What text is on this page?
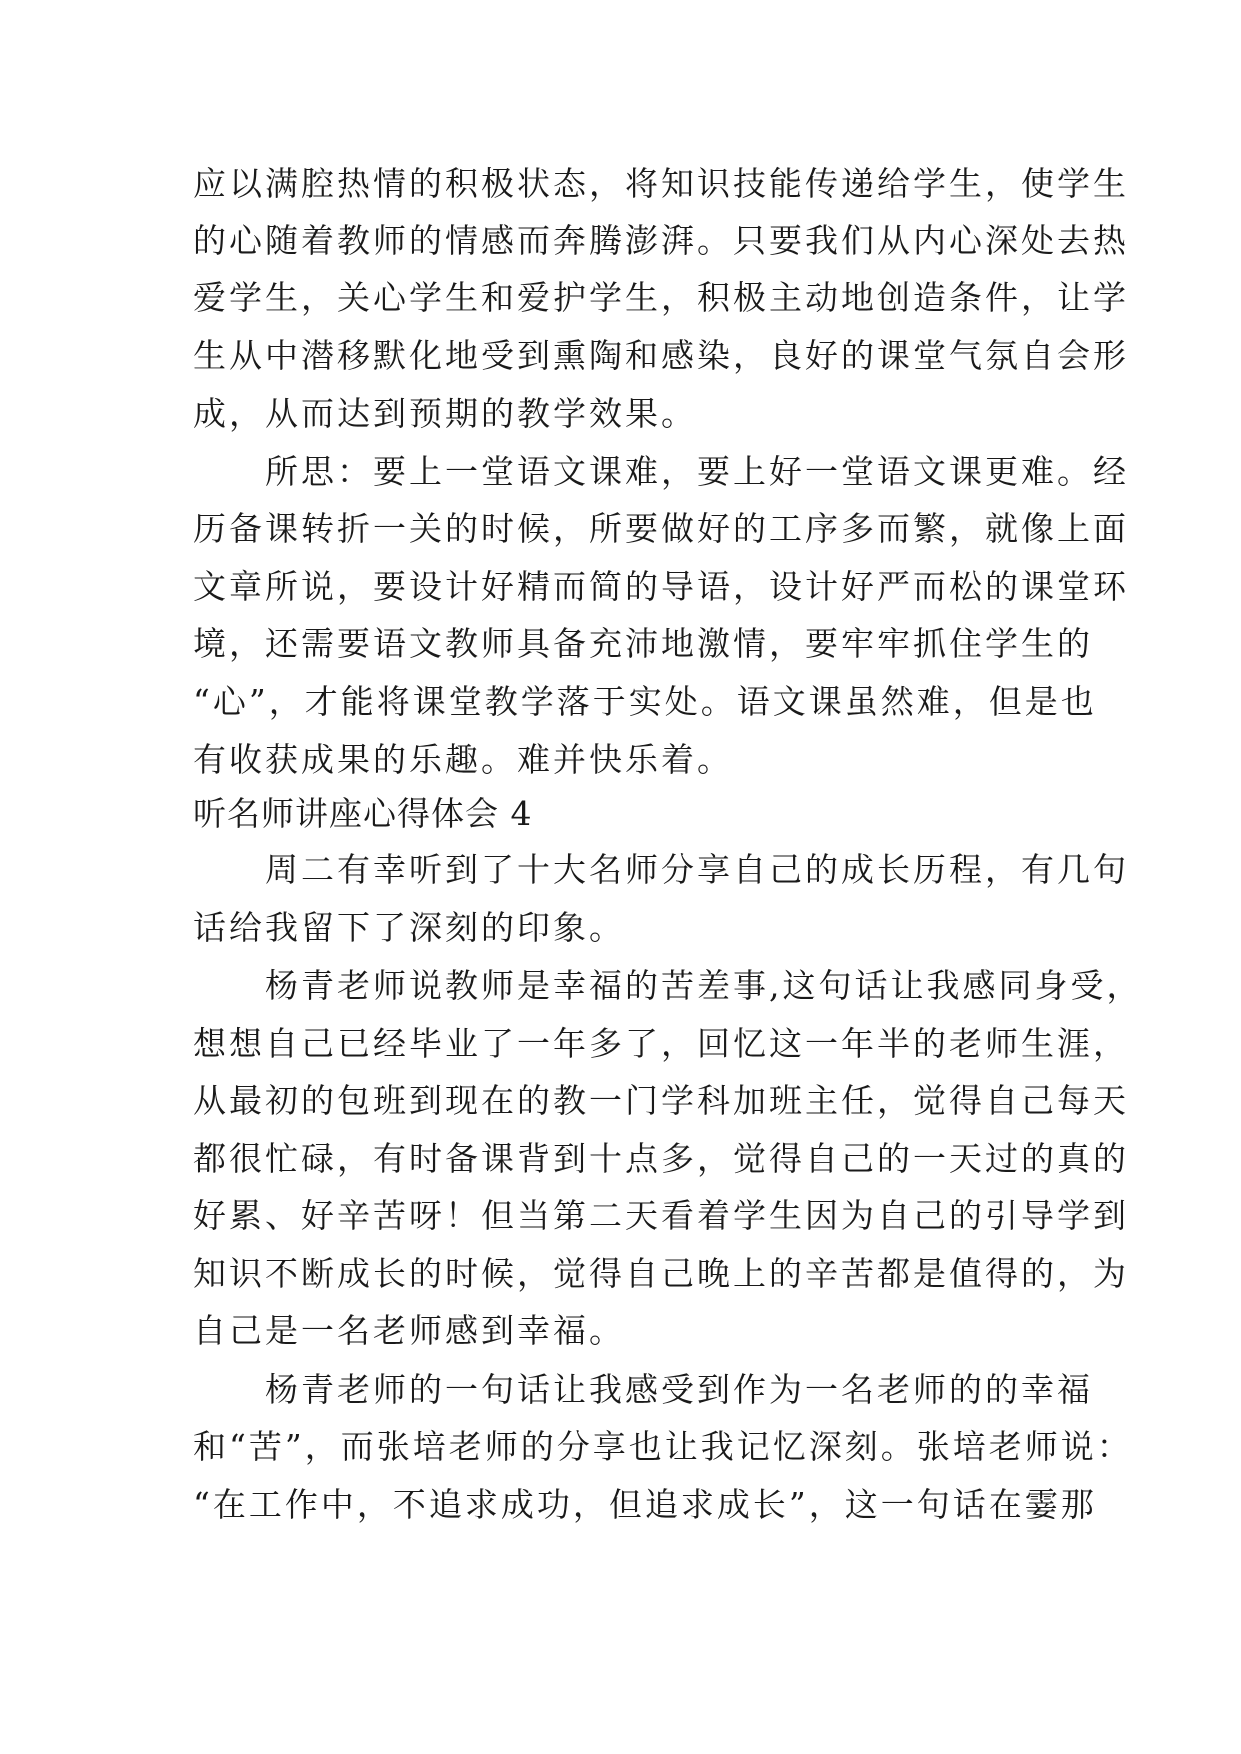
应以满腔热情的积极状态，将知识技能传递给学生，使学生
的心随着教师的情感而奔腾澎湃。只要我们从内心深处去热
爱学生，关心学生和爱护学生，积极主动地创造条件，让学
生从中潜移默化地受到熏陶和感染，良好的课堂气氛自会形
成，从而达到预期的教学效果。
　　所思：要上一堂语文课难，要上好一堂语文课更难。经
历备课转折一关的时候，所要做好的工序多而繁，就像上面
文章所说，要设计好精而简的导语，设计好严而松的课堂环
境，还需要语文教师具备充沛地激情，要牢牢抓住学生的
“心”，才能将课堂教学落于实处。语文课虽然难，但是也
有收获成果的乐趣。难并快乐着。
听名师讲座心得体会 4
　　周二有幸听到了十大名师分享自己的成长历程，有几句
话给我留下了深刻的印象。
　　杨青老师说教师是幸福的苦差事,这句话让我感同身受，
想想自己已经毕业了一年多了，回忆这一年半的老师生涯，
从最初的包班到现在的教一门学科加班主任，觉得自己每天
都很忙碌，有时备课背到十点多，觉得自己的一天过的真的
好累、好辛苦呀！但当第二天看着学生因为自己的引导学到
知识不断成长的时候，觉得自己晚上的辛苦都是值得的，为
自己是一名老师感到幸福。
　　杨青老师的一句话让我感受到作为一名老师的的幸福
和“苦”，而张培老师的分享也让我记忆深刻。张培老师说：
“在工作中，不追求成功，但追求成长”，这一句话在霎那
